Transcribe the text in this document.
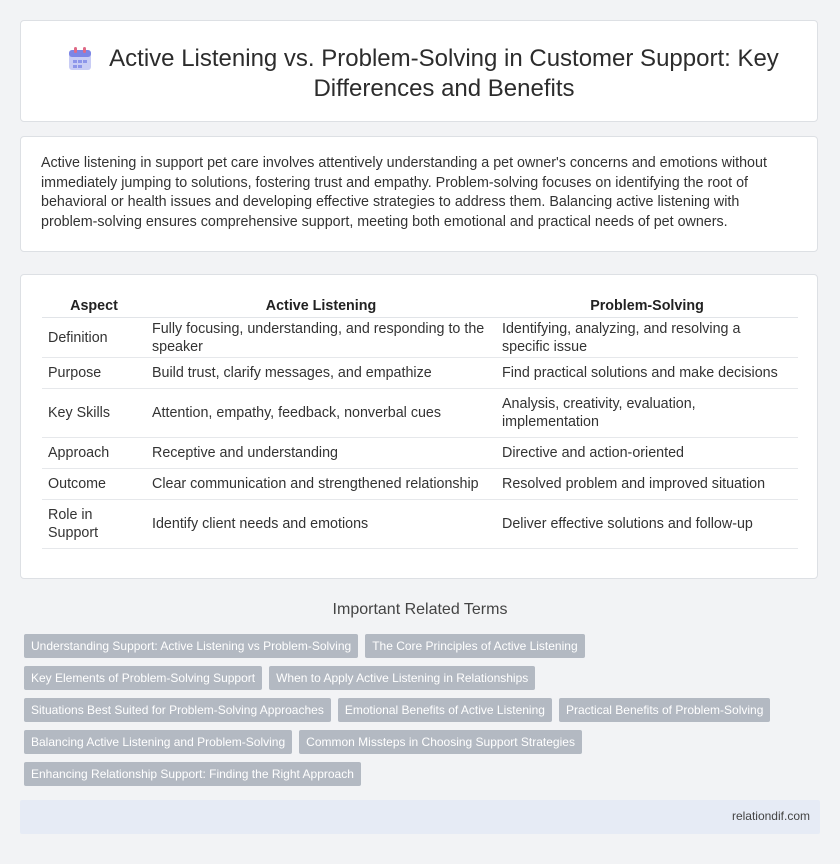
Active Listening vs. Problem-Solving in Customer Support: Key Differences and Benefits

Active listening in support pet care involves attentively understanding a pet owner's concerns and emotions without immediately jumping to solutions, fostering trust and empathy. Problem-solving focuses on identifying the root of behavioral or health issues and developing effective strategies to address them. Balancing active listening with problem-solving ensures comprehensive support, meeting both emotional and practical needs of pet owners.

Aspect	Active Listening	Problem-Solving
Definition	Fully focusing, understanding, and responding to the speaker	Identifying, analyzing, and resolving a specific issue
Purpose	Build trust, clarify messages, and empathize	Find practical solutions and make decisions
Key Skills	Attention, empathy, feedback, nonverbal cues	Analysis, creativity, evaluation, implementation
Approach	Receptive and understanding	Directive and action-oriented
Outcome	Clear communication and strengthened relationship	Resolved problem and improved situation
Role in Support	Identify client needs and emotions	Deliver effective solutions and follow-up
Important Related Terms
Understanding Support: Active Listening vs Problem-Solving The Core Principles of Active Listening
Key Elements of Problem-Solving Support When to Apply Active Listening in Relationships
Situations Best Suited for Problem-Solving Approaches Emotional Benefits of Active Listening Practical Benefits of Problem-Solving
Balancing Active Listening and Problem-Solving Common Missteps in Choosing Support Strategies
Enhancing Relationship Support: Finding the Right Approach
relationdif.com
